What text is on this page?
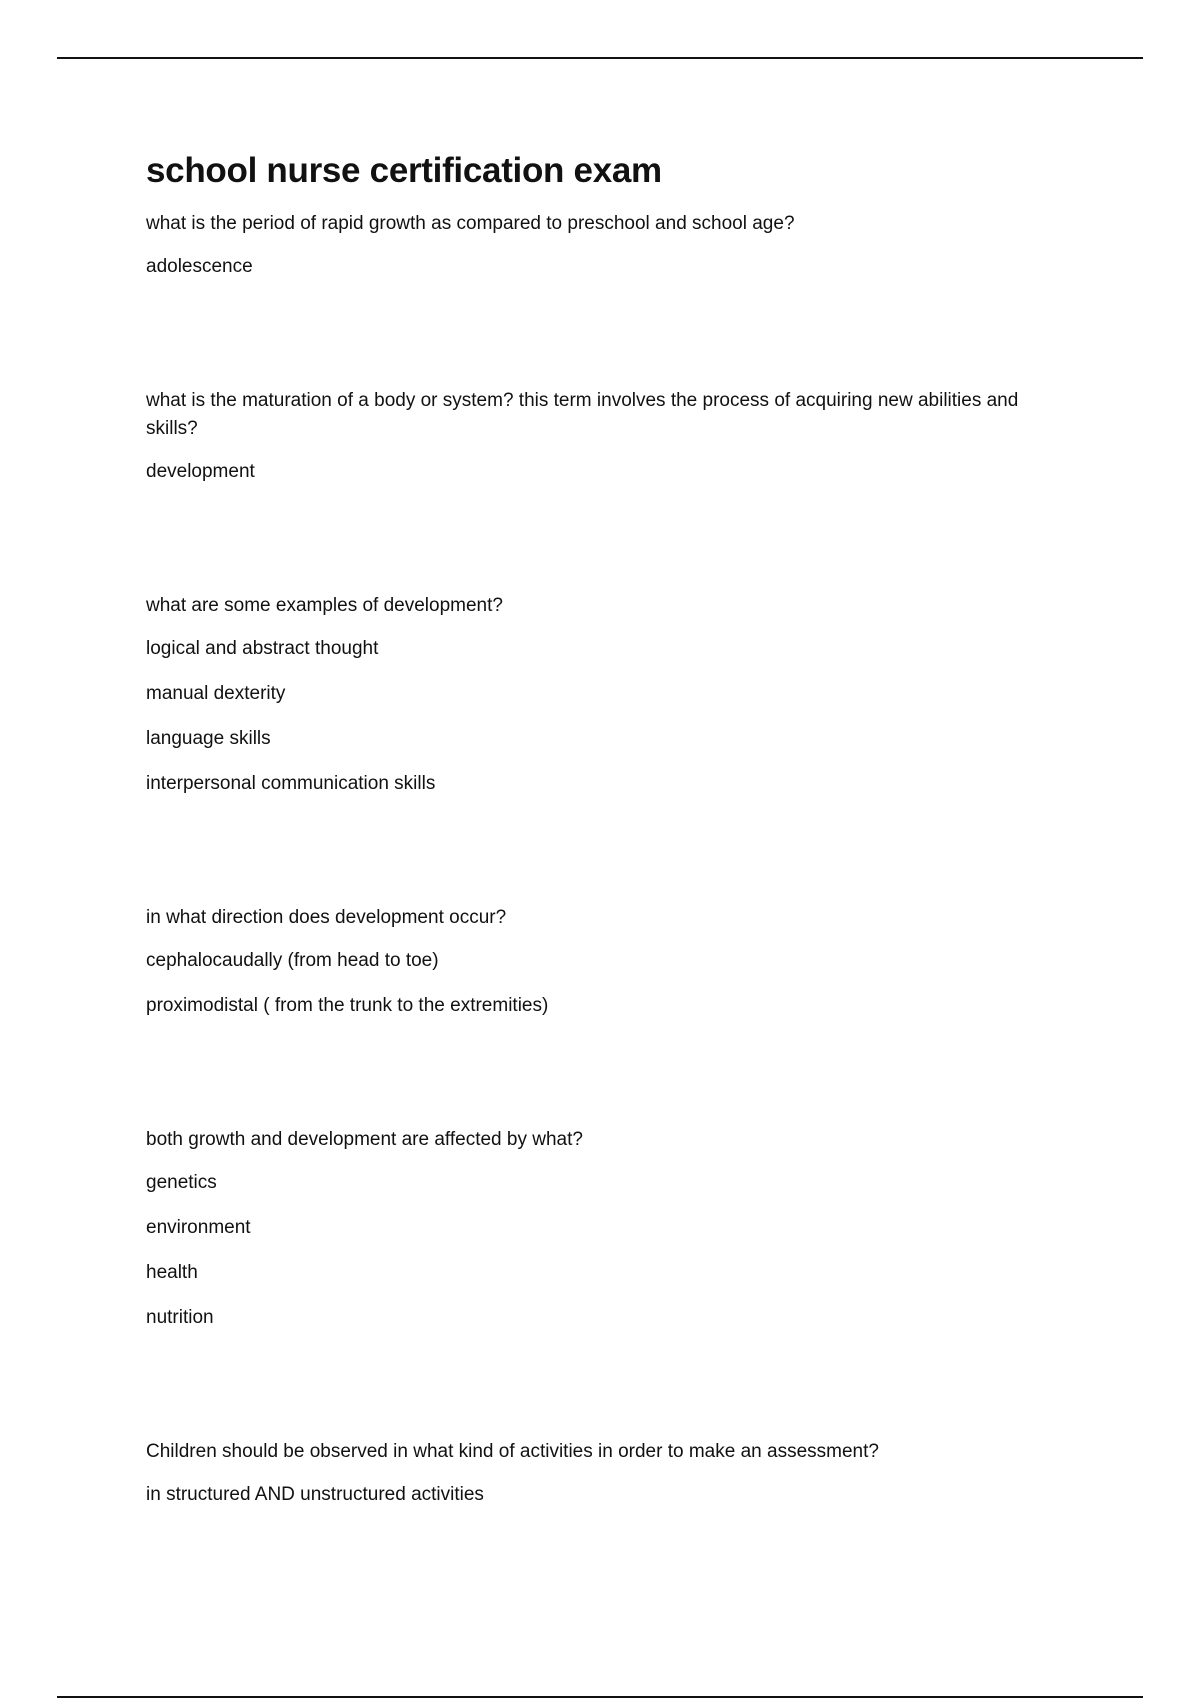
school nurse certification exam

what is the period of rapid growth as compared to preschool and school age?

adolescence

what is the maturation of a body or system? this term involves the process of acquiring new abilities and skills?

development

what are some examples of development?

logical and abstract thought

manual dexterity

language skills

interpersonal communication skills

in what direction does development occur?

cephalocaudally (from head to toe)

proximodistal ( from the trunk to the extremities)

both growth and development are affected by what?

genetics

environment

health

nutrition

Children should be observed in what kind of activities in order to make an assessment?

in structured AND unstructured activities
